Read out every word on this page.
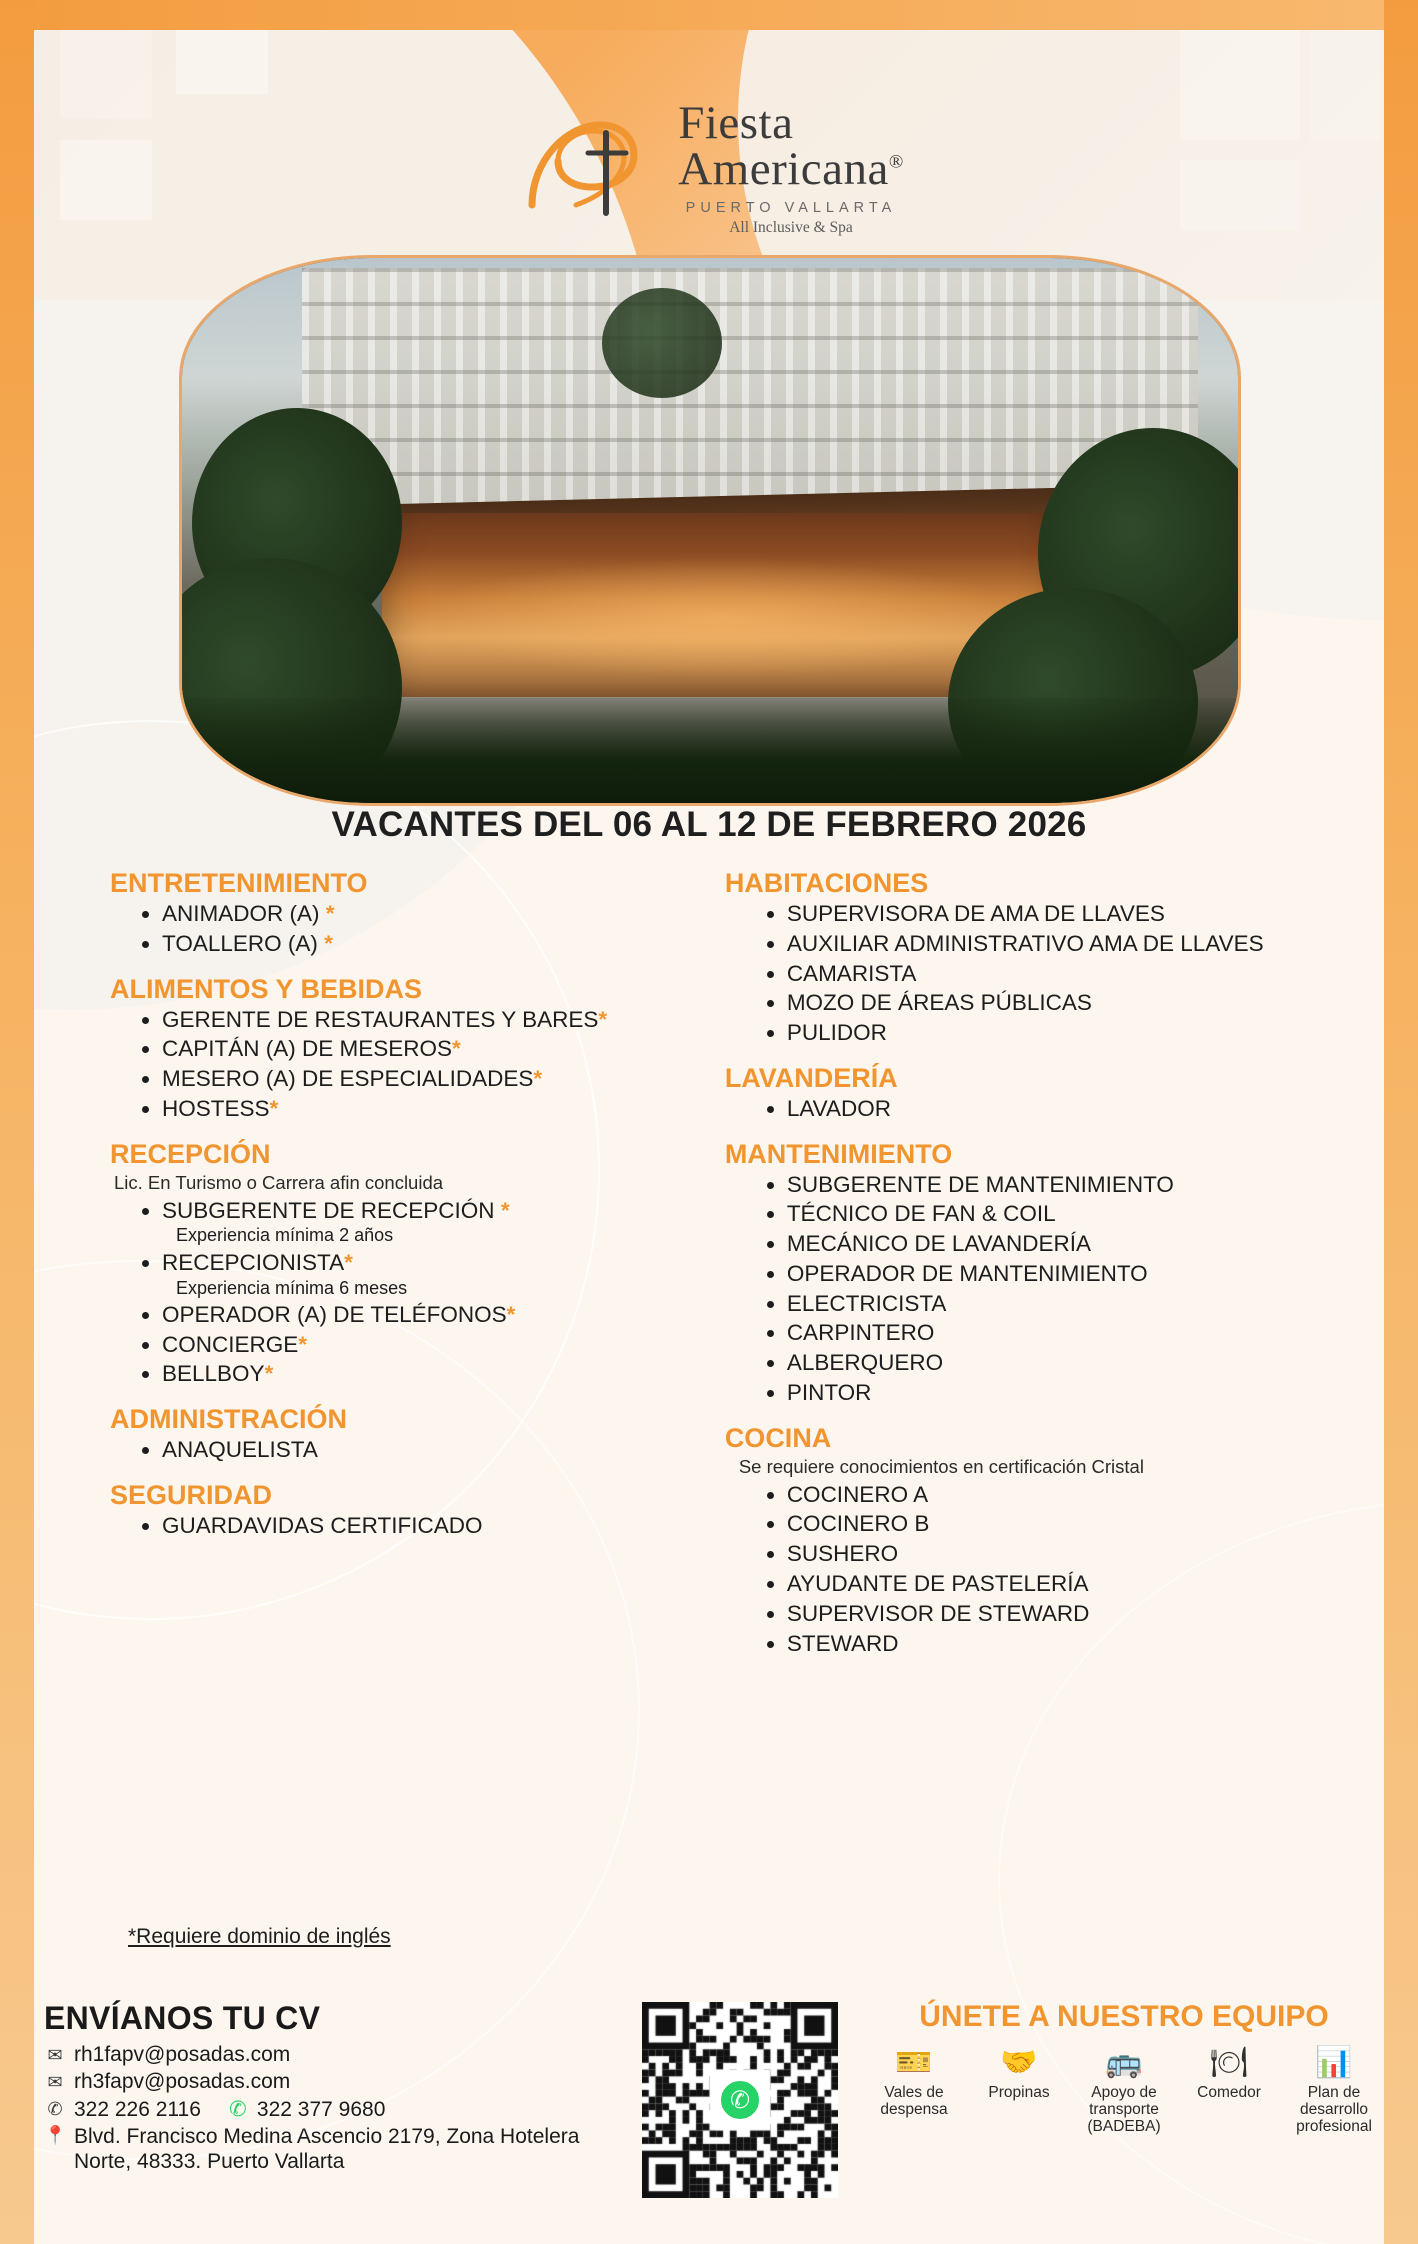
Fiesta
Americana®
PUERTO VALLARTA
All Inclusive & Spa
VACANTES DEL 06 AL 12 DE FEBRERO 2026
ENTRETENIMIENTO
• ANIMADOR (A) *
• TOALLERO (A) *
ALIMENTOS Y BEBIDAS
• GERENTE DE RESTAURANTES Y BARES*
• CAPITÁN (A) DE MESEROS*
• MESERO (A) DE ESPECIALIDADES*
• HOSTESS*
RECEPCIÓN
Lic. En Turismo o Carrera afin concluida
• SUBGERENTE DE RECEPCIÓN *
Experiencia mínima 2 años
• RECEPCIONISTA*
Experiencia mínima 6 meses
• OPERADOR (A) DE TELÉFONOS*
• CONCIERGE*
• BELLBOY*
ADMINISTRACIÓN
• ANAQUELISTA
SEGURIDAD
• GUARDAVIDAS CERTIFICADO
HABITACIONES
• SUPERVISORA DE AMA DE LLAVES
• AUXILIAR ADMINISTRATIVO AMA DE LLAVES
• CAMARISTA
• MOZO DE ÁREAS PÚBLICAS
• PULIDOR
LAVANDERÍA
• LAVADOR
MANTENIMIENTO
• SUBGERENTE DE MANTENIMIENTO
• TÉCNICO DE FAN & COIL
• MECÁNICO DE LAVANDERÍA
• OPERADOR DE MANTENIMIENTO
• ELECTRICISTA
• CARPINTERO
• ALBERQUERO
• PINTOR
COCINA
Se requiere conocimientos en certificación Cristal
• COCINERO A
• COCINERO B
• SUSHERO
• AYUDANTE DE PASTELERÍA
• SUPERVISOR DE STEWARD
• STEWARD
*Requiere dominio de inglés
ENVÍANOS TU CV
✉ rh1fapv@posadas.com
✉ rh3fapv@posadas.com
✆ 322 226 2116 ✆ 322 377 9680
📍 Blvd. Francisco Medina Ascencio 2179, Zona Hotelera Norte, 48333. Puerto Vallarta
✆
ÚNETE A NUESTRO EQUIPO
🎫
Vales de despensa
🤝
Propinas
🚌
Apoyo de transporte (BADEBA)
🍽
Comedor
📊
Plan de desarrollo profesional
